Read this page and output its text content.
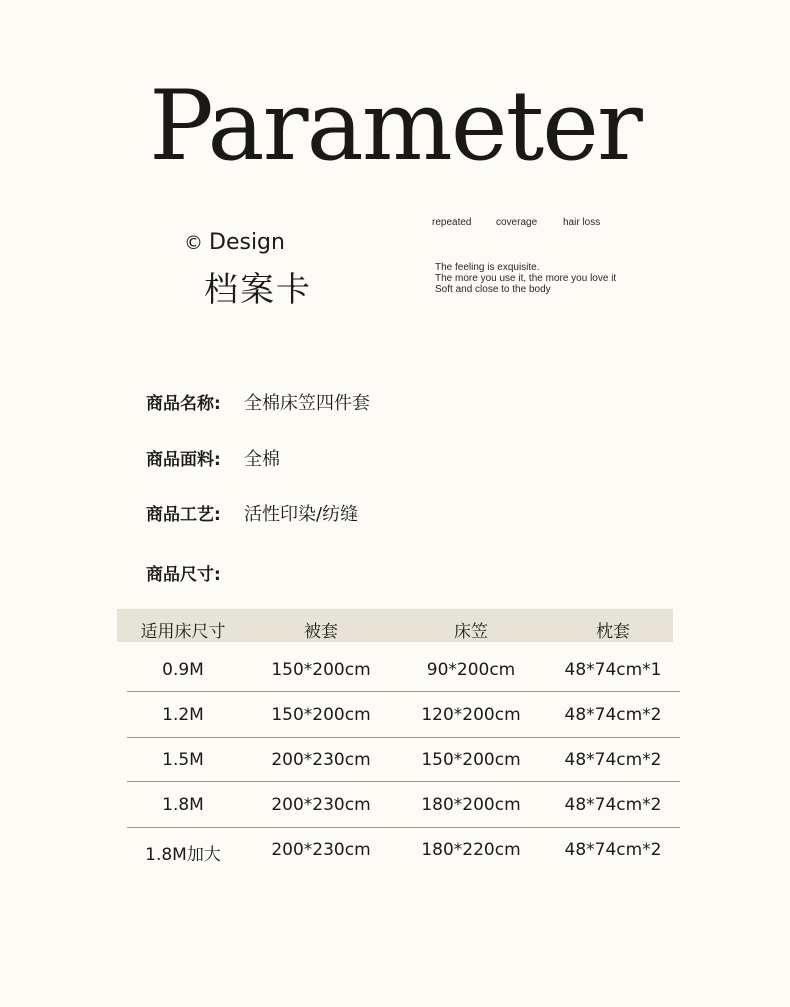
Parameter
© Design
档案卡
repeated coverage	hair loss
The feeling is exquisite.
The more you use it, the more you love it
Soft and close to the body
商品名称: 全棉床笠四件套
商品面料: 全棉
商品工艺: 活性印染/纺缝
商品尺寸:
适用床尺寸	被套	床笠	枕套
0.9M	150*200cm	90*200cm	48*74cm*1
1.2M	150*200cm	120*200cm	48*74cm*2
1.5M	200*230cm	150*200cm	48*74cm*2
1.8M	200*230cm	180*200cm	48*74cm*2
1.8M加大	200*230cm	180*220cm	48*74cm*2
